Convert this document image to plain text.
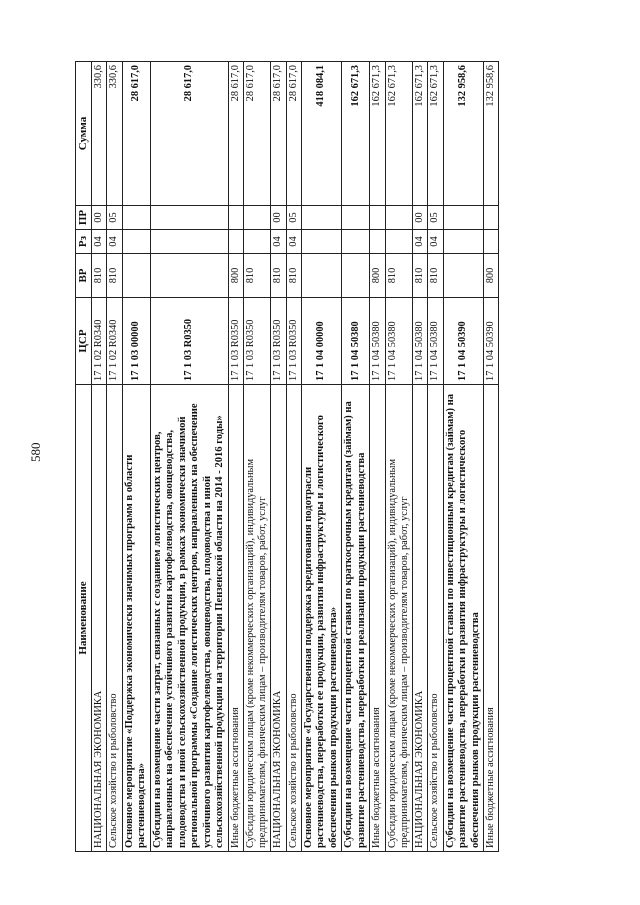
580
Наименование	ЦСР	ВР	Рз	ПР	Сумма
НАЦИОНАЛЬНАЯ ЭКОНОМИКА	17 1 02 R0340	810	04	00	330,6
Сельское хозяйство и рыболовство	17 1 02 R0340	810	04	05	330,6
Основное мероприятие «Поддержка экономически значимых программ в области растениеводства»	17 1 03 00000				28 617,0
Субсидии на возмещение части затрат, связанных с созданием логистических центров, направленных на обеспечение устойчивого развития картофелеводства, овощеводства, плодоводства и иной сельскохозяйственной продукции, в рамках экономически значимой региональной программы «Создание логистических центров, направленных на обеспечение устойчивого развития картофелеводства, овощеводства, плодоводства и иной сельскохозяйственной продукции на территории Пензенской области на 2014 - 2016 годы»	17 1 03 R0350				28 617,0
Иные бюджетные ассигнования	17 1 03 R0350	800			28 617,0
Субсидии юридическим лицам (кроме некоммерческих организаций), индивидуальным предпринимателям, физическим лицам – производителям товаров, работ, услуг	17 1 03 R0350	810			28 617,0
НАЦИОНАЛЬНАЯ ЭКОНОМИКА	17 1 03 R0350	810	04	00	28 617,0
Сельское хозяйство и рыболовство	17 1 03 R0350	810	04	05	28 617,0
Основное мероприятие «Государственная поддержка кредитования подотрасли растениеводства, переработки ее продукции, развития инфраструктуры и логистического обеспечения рынков продукции растениеводства»	17 1 04 00000				418 084,1
Субсидии на возмещение части процентной ставки по краткосрочным кредитам (займам) на развитие растениеводства, переработки и реализации продукции растениеводства	17 1 04 50380				162 671,3
Иные бюджетные ассигнования	17 1 04 50380	800			162 671,3
Субсидии юридическим лицам (кроме некоммерческих организаций), индивидуальным предпринимателям, физическим лицам – производителям товаров, работ, услуг	17 1 04 50380	810			162 671,3
НАЦИОНАЛЬНАЯ ЭКОНОМИКА	17 1 04 50380	810	04	00	162 671,3
Сельское хозяйство и рыболовство	17 1 04 50380	810	04	05	162 671,3
Субсидии на возмещение части процентной ставки по инвестиционным кредитам (займам) на развитие растениеводства, переработки и развития инфраструктуры и логистического обеспечения рынков продукции растениеводства	17 1 04 50390				132 958,6
Иные бюджетные ассигнования	17 1 04 50390	800			132 958,6
